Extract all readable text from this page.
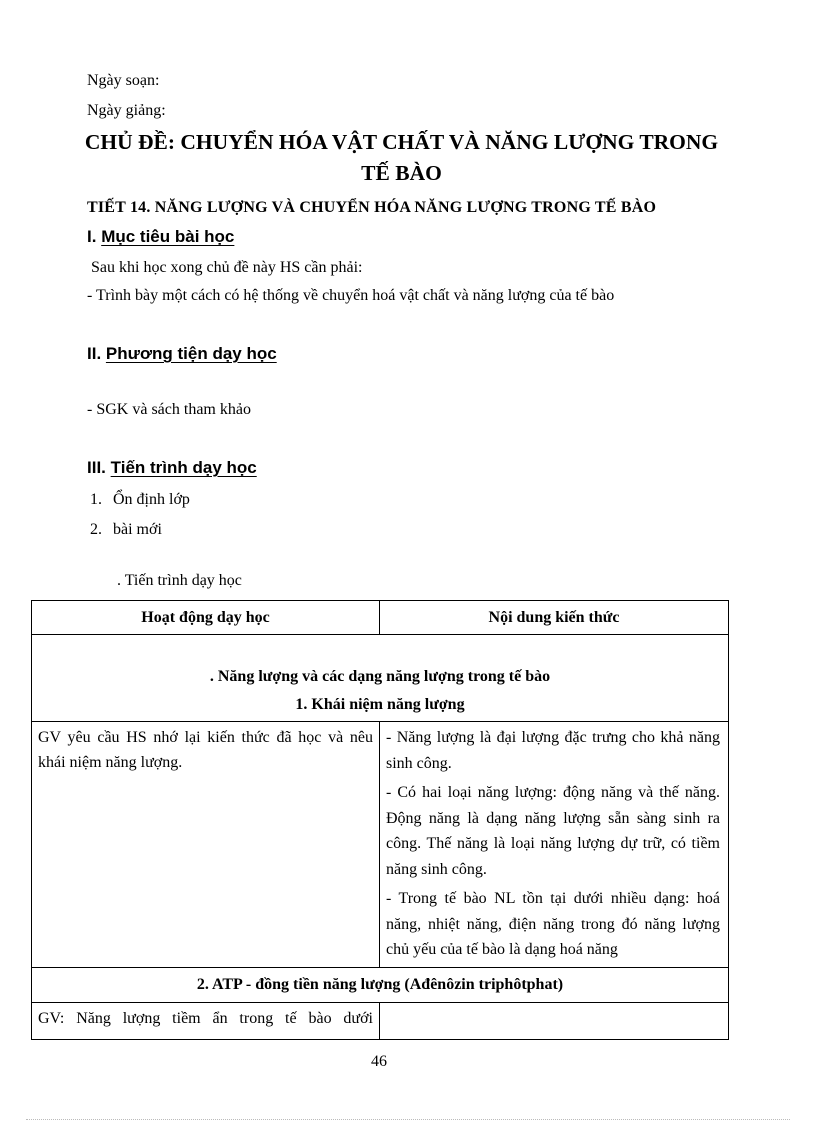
Ngày soạn:
Ngày giảng:
CHỦ ĐỀ: CHUYỂN HÓA VẬT CHẤT VÀ NĂNG LƯỢNG TRONG
TẾ BÀO
TIẾT 14. NĂNG LƯỢNG VÀ CHUYỂN HÓA NĂNG LƯỢNG TRONG TẾ BÀO
I. Mục tiêu bài học
Sau khi học xong chủ đề này HS cần phải:
- Trình bày một cách có hệ thống về chuyển hoá vật chất và năng lượng của tế bào
II. Phương tiện dạy học
- SGK và sách tham khảo
III. Tiến trình dạy học
1. Ổn định lớp
2. bài mới
. Tiến trình dạy học
Hoạt động dạy học	Nội dung kiến thức

. Năng lượng và các dạng năng lượng trong tế bào
1. Khái niệm năng lượng	

GV yêu cầu HS nhớ lại kiến thức đã học và nêu khái niệm năng lượng.	- Năng lượng là đại lượng đặc trưng cho khả năng sinh công.

- Có hai loại năng lượng: động năng và thế năng. Động năng là dạng năng lượng sẵn sàng sinh ra công. Thế năng là loại năng lượng dự trữ, có tiềm năng sinh công.

- Trong tế bào NL tồn tại dưới nhiều dạng: hoá năng, nhiệt năng, điện năng trong đó năng lượng chủ yếu của tế bào là dạng hoá năng

2. ATP - đồng tiền năng lượng (Ađênôzin triphôtphat)	

GV: Năng lượng tiềm ẩn trong tế bào dưới	

46
